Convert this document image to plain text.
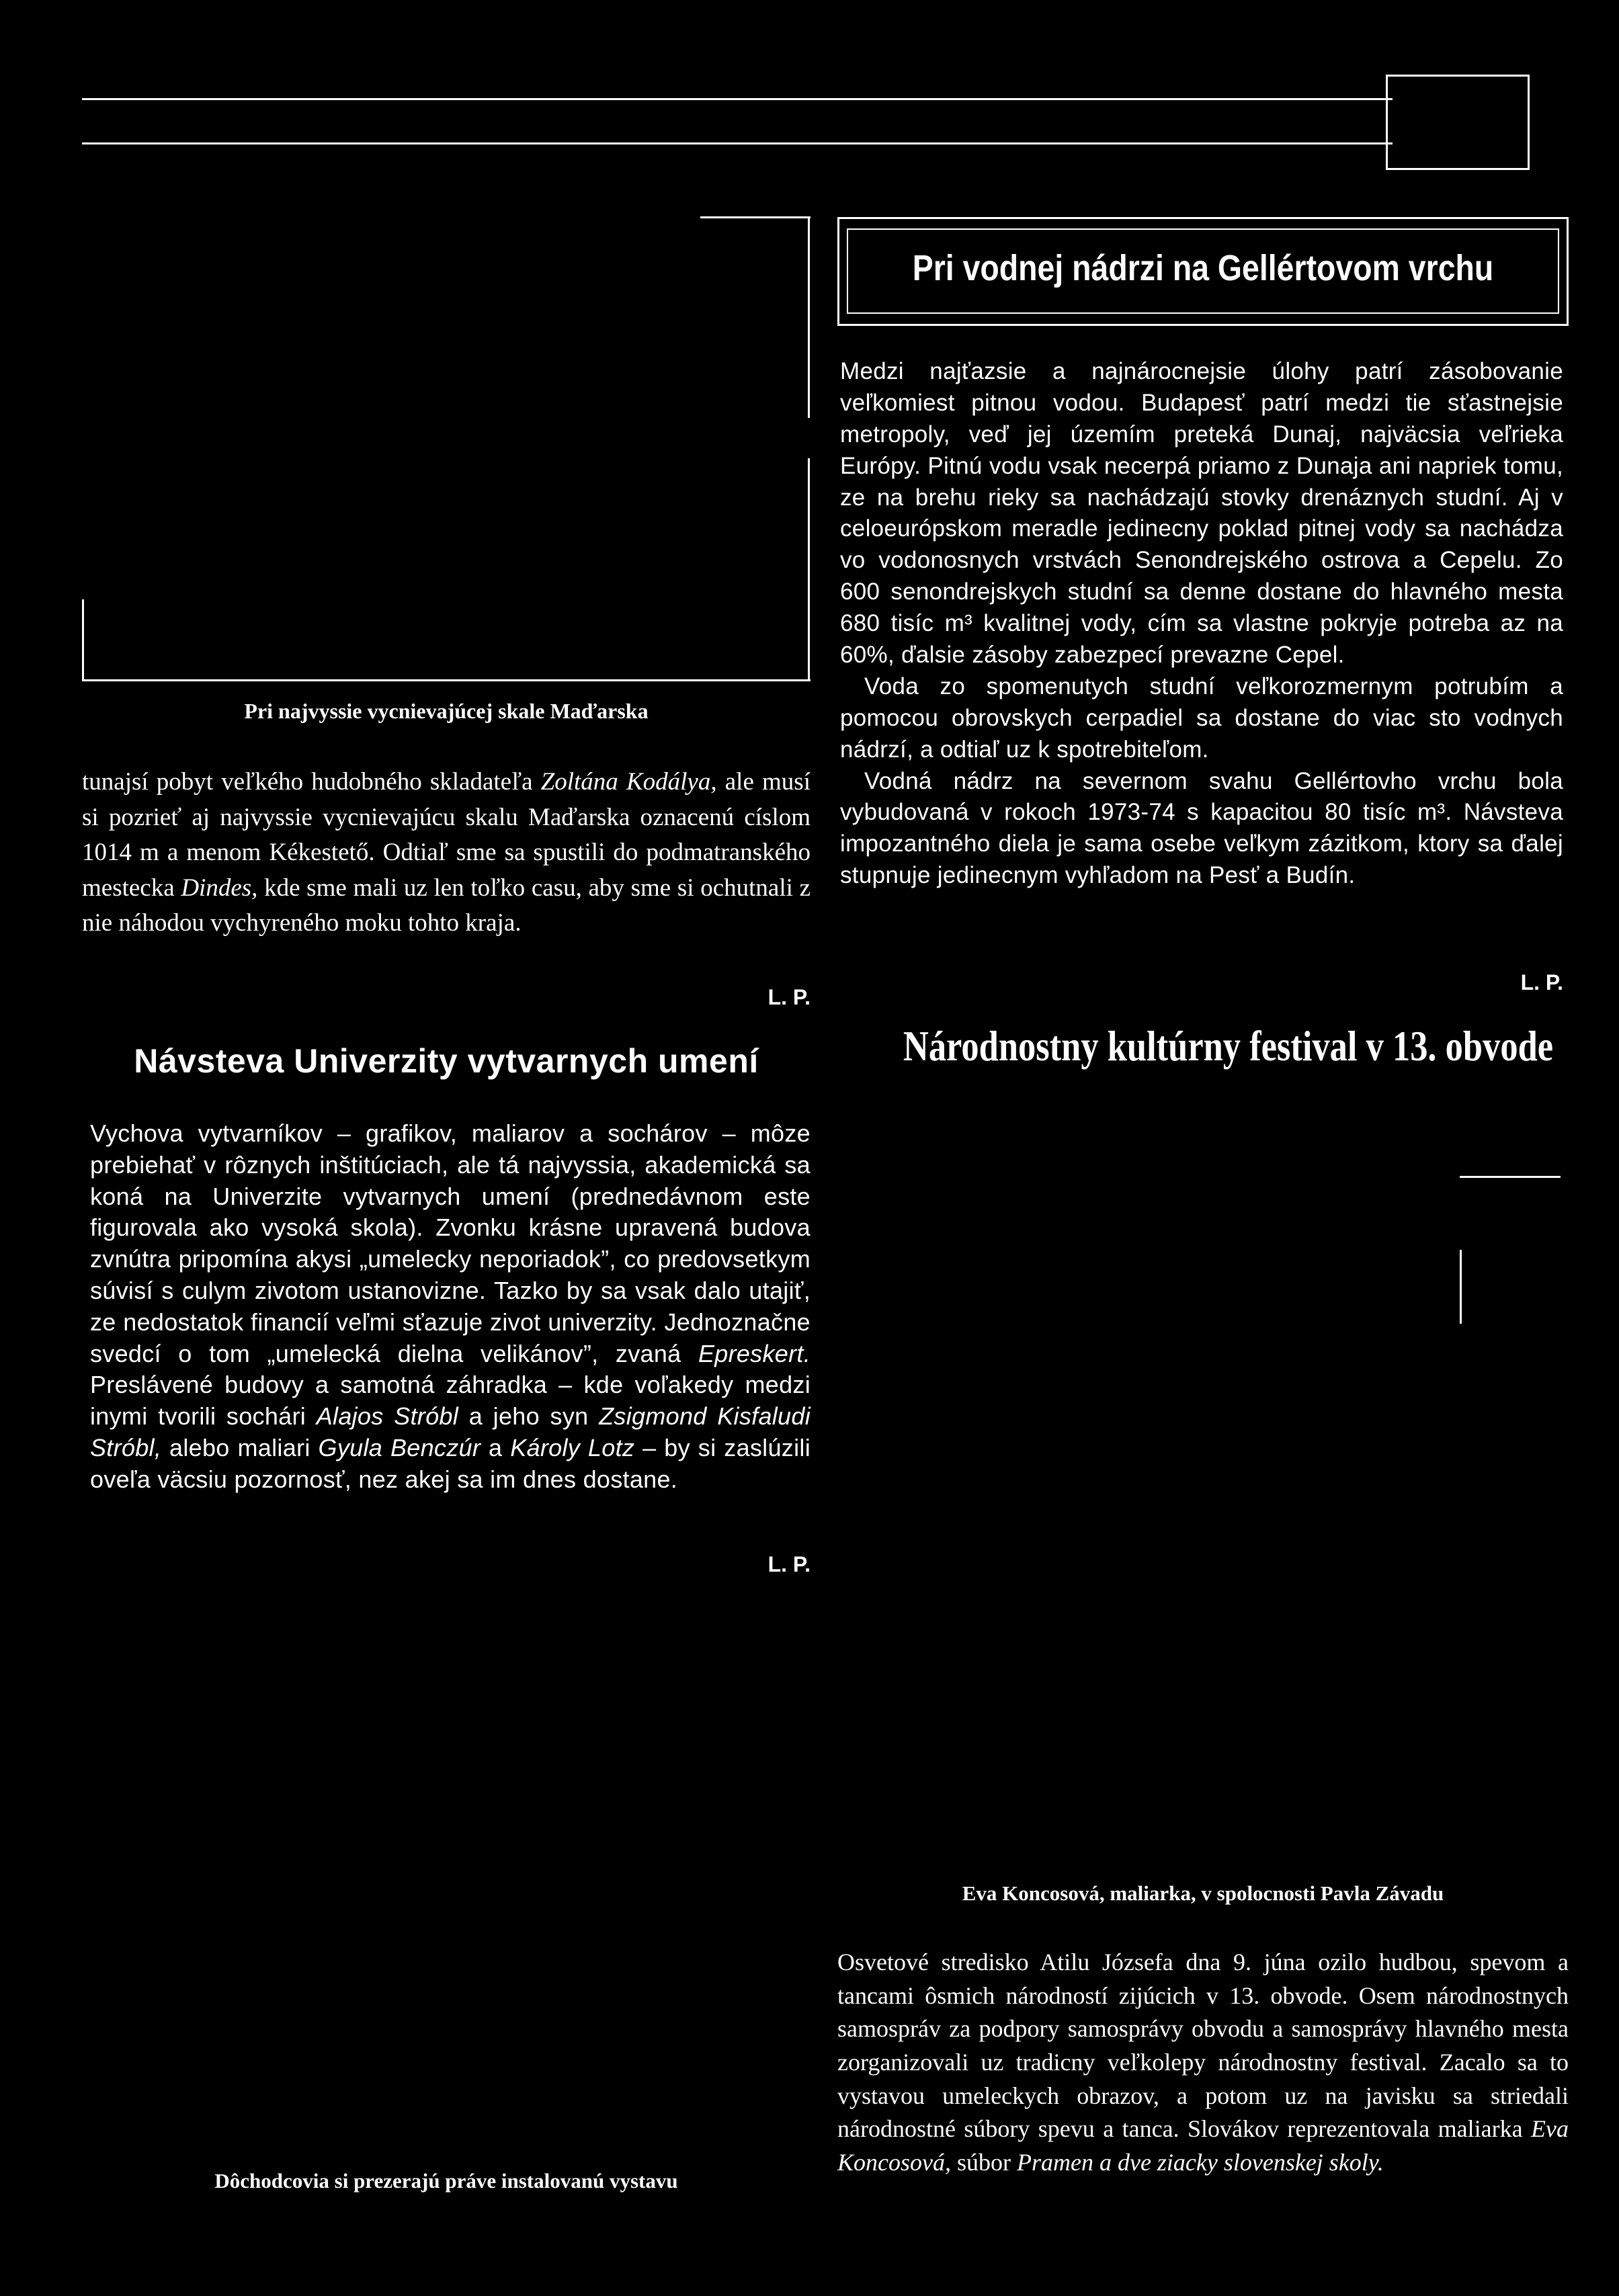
Pri najvyssie vycnievajúcej skale Maďarska
tunajsí pobyt veľkého hudobného skladateľa Zoltána Kodálya, ale musí si pozrieť aj najvyssie vycnievajúcu skalu Maďarska oznacenú císlom 1014 m a menom Kékestető. Odtiaľ sme sa spustili do podmatranského mestecka Dindes, kde sme mali uz len toľko casu, aby sme si ochutnali z nie náhodou vychyreného moku tohto kraja.
L. P.
Návsteva Univerzity vytvarnych umení
Vychova vytvarníkov – grafikov, maliarov a sochárov – môze prebiehať v rôznych inštitúciach, ale tá najvyssia, akademická sa koná na Univerzite vytvarnych umení (prednedávnom este figurovala ako vysoká skola). Zvonku krásne upravená budova zvnútra pripomína akysi „umelecky neporiadok”, co predovsetkym súvisí s culym zivotom ustanovizne. Tazko by sa vsak dalo utajiť, ze nedostatok financií veľmi sťazuje zivot univerzity. Jednoznačne svedcí o tom „umelecká dielna velikánov”, zvaná Epreskert. Preslávené budovy a samotná záhradka – kde voľakedy medzi inymi tvorili sochári Alajos Stróbl a jeho syn Zsigmond Kisfaludi Stróbl, alebo maliari Gyula Benczúr a Károly Lotz – by si zaslúzili oveľa väcsiu pozornosť, nez akej sa im dnes dostane.
L. P.
Dôchodcovia si prezerajú práve instalovanú vystavu
Pri vodnej nádrzi na Gellértovom vrchu

Medzi najťazsie a najnárocnejsie úlohy patrí zásobovanie veľkomiest pitnou vodou. Budapesť patrí medzi tie sťastnejsie metropoly, veď jej územím preteká Dunaj, najväcsia veľrieka Európy. Pitnú vodu vsak necerpá priamo z Dunaja ani napriek tomu, ze na brehu rieky sa nachádzajú stovky drenáznych studní. Aj v celoeurópskom meradle jedinecny poklad pitnej vody sa nachádza vo vodonosnych vrstvách Senondrejského ostrova a Cepelu. Zo 600 senondrejskych studní sa denne dostane do hlavného mesta 680 tisíc m³ kvalitnej vody, cím sa vlastne pokryje potreba az na 60%, ďalsie zásoby zabezpecí prevazne Cepel.

Voda zo spomenutych studní veľkorozmernym potrubím a pomocou obrovskych cerpadiel sa dostane do viac sto vodnych nádrzí, a odtiaľ uz k spotrebiteľom.

Vodná nádrz na severnom svahu Gellértovho vrchu bola vybudovaná v rokoch 1973-74 s kapacitou 80 tisíc m³. Návsteva impozantného diela je sama osebe veľkym zázitkom, ktory sa ďalej stupnuje jedinecnym vyhľadom na Pesť a Budín.

L. P.
Národnostny kultúrny festival v 13. obvode
Eva Koncosová, maliarka, v spolocnosti Pavla Závadu
Osvetové stredisko Atilu Józsefa dna 9. júna ozilo hudbou, spevom a tancami ôsmich národností zijúcich v 13. obvode. Osem národnostnych samospráv za podpory samosprávy obvodu a samosprávy hlavného mesta zorganizovali uz tradicny veľkolepy národnostny festival. Zacalo sa to vystavou umeleckych obrazov, a potom uz na javisku sa striedali národnostné súbory spevu a tanca. Slovákov reprezentovala maliarka Eva Koncosová, súbor Pramen a dve ziacky slovenskej skoly.
